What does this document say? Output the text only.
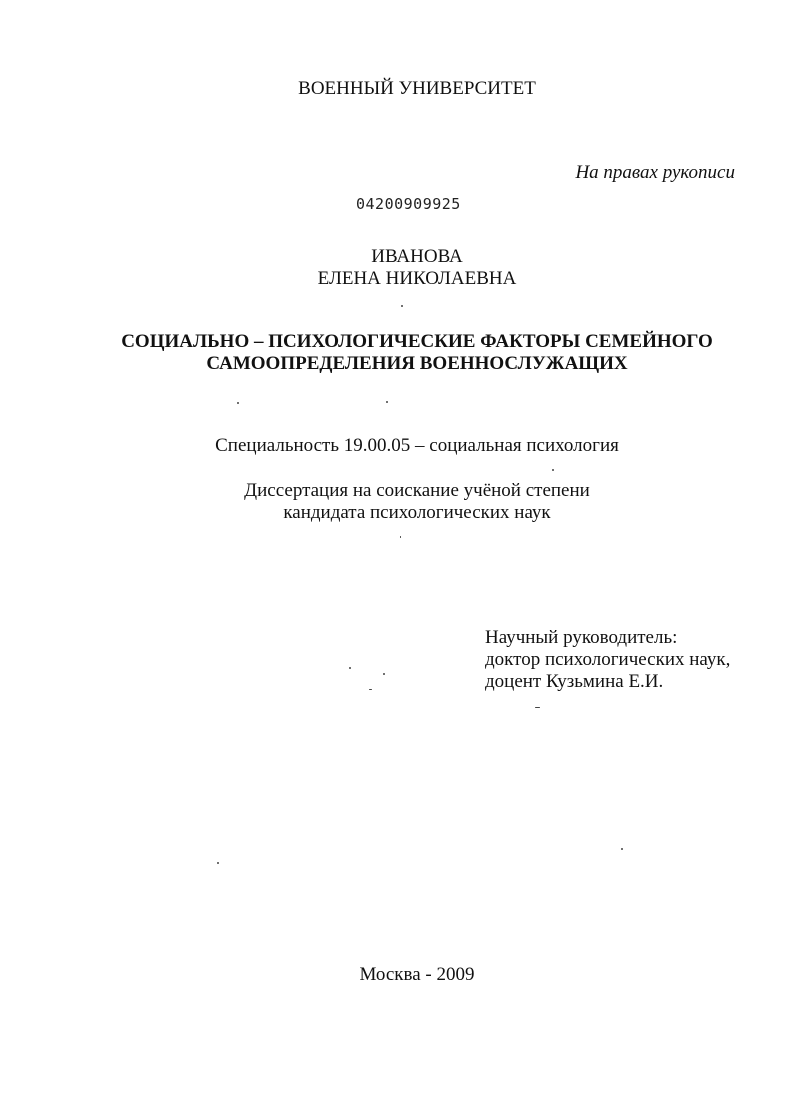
ВОЕННЫЙ УНИВЕРСИТЕТ
На правах рукописи
04200909925
ИВАНОВА
ЕЛЕНА НИКОЛАЕВНА
СОЦИАЛЬНО – ПСИХОЛОГИЧЕСКИЕ ФАКТОРЫ СЕМЕЙНОГО
САМООПРЕДЕЛЕНИЯ ВОЕННОСЛУЖАЩИХ
Специальность 19.00.05 – социальная психология
Диссертация на соискание учёной степени
кандидата психологических наук
Научный руководитель:
доктор психологических наук,
доцент Кузьмина Е.И.
Москва - 2009
